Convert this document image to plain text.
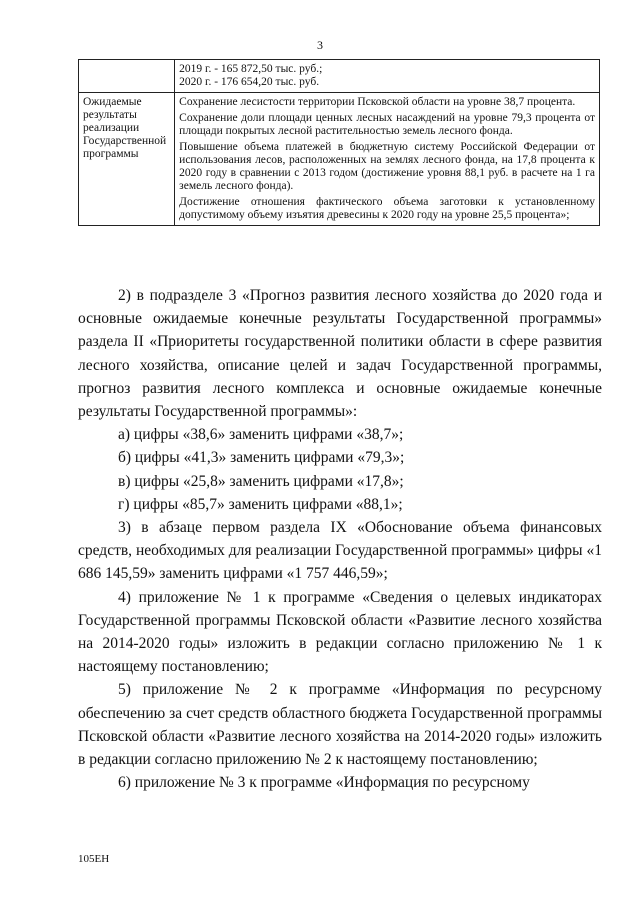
3

	2019 г. - 165 872,50 тыс. руб.;
2020 г. - 176 654,20 тыс. руб.

Ожидаемые результаты реализации Государственной программы	Сохранение лесистости территории Псковской области на уровне 38,7 процента.
Сохранение доли площади ценных лесных насаждений на уровне 79,3 процента от площади покрытых лесной растительностью земель лесного фонда.
Повышение объема платежей в бюджетную систему Российской Федерации от использования лесов, расположенных на землях лесного фонда, на 17,8 процента к 2020 году в сравнении с 2013 годом (достижение уровня 88,1 руб. в расчете на 1 га земель лесного фонда).
Достижение отношения фактического объема заготовки к установленному допустимому объему изъятия древесины к 2020 году на уровне 25,5 процента»;

2) в подразделе 3 «Прогноз развития лесного хозяйства до 2020 года и основные ожидаемые конечные результаты Государственной программы» раздела II «Приоритеты государственной политики области в сфере развития лесного хозяйства, описание целей и задач Государственной программы, прогноз развития лесного комплекса и основные ожидаемые конечные результаты Государственной программы»:

а) цифры «38,6» заменить цифрами «38,7»;

б) цифры «41,3» заменить цифрами «79,3»;

в) цифры «25,8» заменить цифрами «17,8»;

г) цифры «85,7» заменить цифрами «88,1»;

3) в абзаце первом раздела IX «Обоснование объема финансовых средств, необходимых для реализации Государственной программы» цифры «1 686 145,59» заменить цифрами «1 757 446,59»;

4) приложение № 1 к программе «Сведения о целевых индикаторах Государственной программы Псковской области «Развитие лесного хозяйства на 2014-2020 годы» изложить в редакции согласно приложению № 1 к настоящему постановлению;

5) приложение № 2 к программе «Информация по ресурсному обеспечению за счет средств областного бюджета Государственной программы Псковской области «Развитие лесного хозяйства на 2014-2020 годы» изложить в редакции согласно приложению № 2 к настоящему постановлению;

6) приложение № 3 к программе «Информация по ресурсному

105ЕН
